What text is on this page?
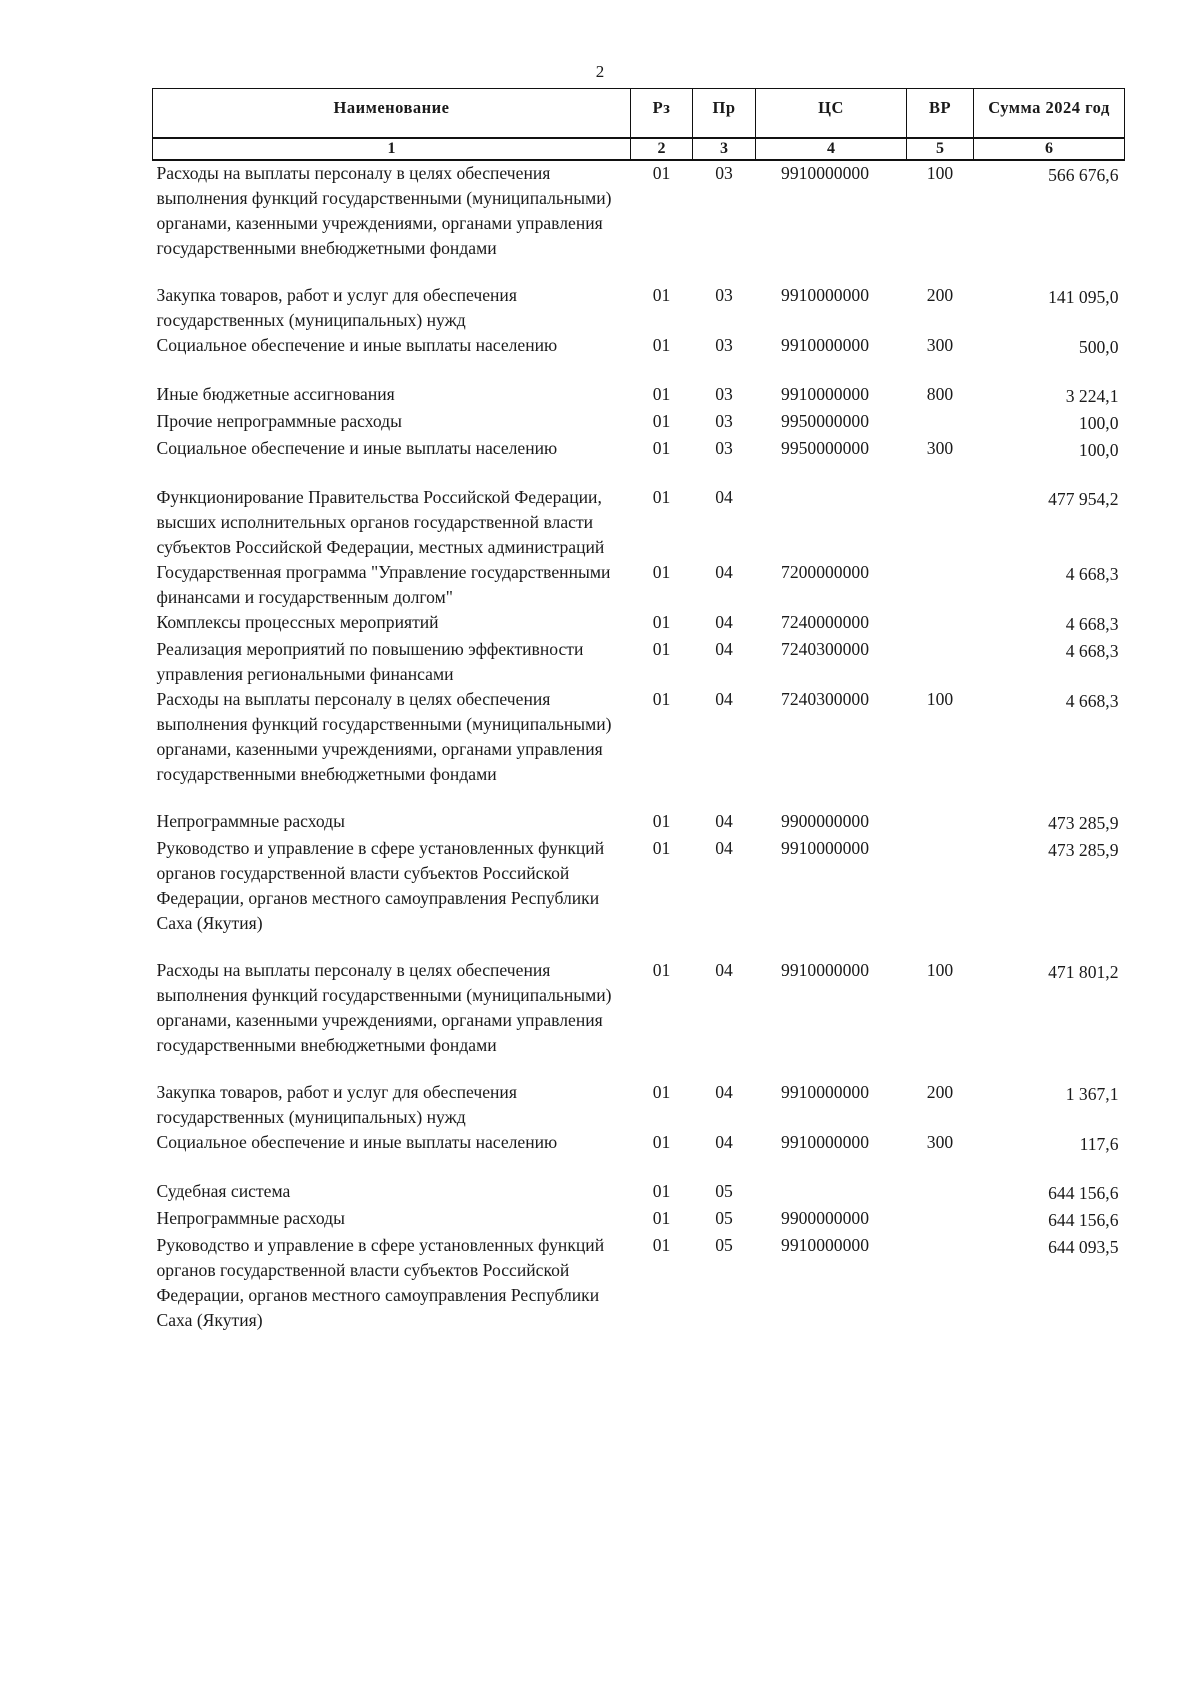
2
Наименование	Рз	Пр	ЦС	ВР	Сумма 2024 год
1	2	3	4	5	6
Расходы на выплаты персоналу в целях обеспечения выполнения функций государственными (муниципальными) органами, казенными учреждениями, органами управления государственными внебюджетными фондами	01	03	9910000000	100	566 676,6
Закупка товаров, работ и услуг для обеспечения государственных (муниципальных) нужд	01	03	9910000000	200	141 095,0
Социальное обеспечение и иные выплаты населению	01	03	9910000000	300	500,0
Иные бюджетные ассигнования	01	03	9910000000	800	3 224,1
Прочие непрограммные расходы	01	03	9950000000		100,0
Социальное обеспечение и иные выплаты населению	01	03	9950000000	300	100,0
Функционирование Правительства Российской Федерации, высших исполнительных органов государственной власти субъектов Российской Федерации, местных администраций	01	04			477 954,2
Государственная программа "Управление государственными финансами и государственным долгом"	01	04	7200000000		4 668,3
Комплексы процессных мероприятий	01	04	7240000000		4 668,3
Реализация мероприятий по повышению эффективности управления региональными финансами	01	04	7240300000		4 668,3
Расходы на выплаты персоналу в целях обеспечения выполнения функций государственными (муниципальными) органами, казенными учреждениями, органами управления государственными внебюджетными фондами	01	04	7240300000	100	4 668,3
Непрограммные расходы	01	04	9900000000		473 285,9
Руководство и управление в сфере установленных функций органов государственной власти субъектов Российской Федерации, органов местного самоуправления Республики Саха (Якутия)	01	04	9910000000		473 285,9
Расходы на выплаты персоналу в целях обеспечения выполнения функций государственными (муниципальными) органами, казенными учреждениями, органами управления государственными внебюджетными фондами	01	04	9910000000	100	471 801,2
Закупка товаров, работ и услуг для обеспечения государственных (муниципальных) нужд	01	04	9910000000	200	1 367,1
Социальное обеспечение и иные выплаты населению	01	04	9910000000	300	117,6
Судебная система	01	05			644 156,6
Непрограммные расходы	01	05	9900000000		644 156,6
Руководство и управление в сфере установленных функций органов государственной власти субъектов Российской Федерации, органов местного самоуправления Республики Саха (Якутия)	01	05	9910000000		644 093,5
